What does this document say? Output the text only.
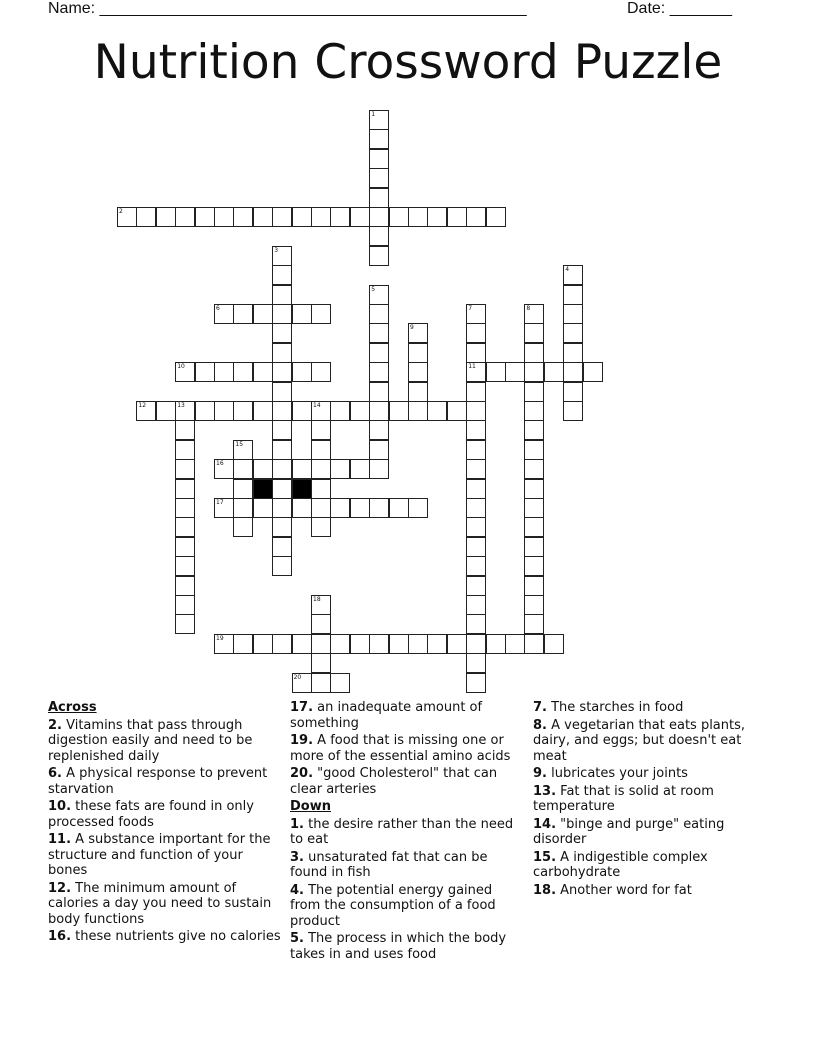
Name: ________________________________________________	Date: _______
Nutrition Crossword Puzzle
2
6
10	11
12	13	14
16
17
19
20
1
3
4
5
7	8
9
15
18
Across
2. Vitamins that pass through digestion easily and need to be replenished daily
6. A physical response to prevent starvation
10. these fats are found in only processed foods
11. A substance important for the structure and function of your bones
12. The minimum amount of calories a day you need to sustain body functions
16. these nutrients give no calories
17. an inadequate amount of something
19. A food that is missing one or more of the essential amino acids
20. "good Cholesterol" that can clear arteries
Down
1. the desire rather than the need to eat
3. unsaturated fat that can be found in fish
4. The potential energy gained from the consumption of a food product
5. The process in which the body takes in and uses food
7. The starches in food
8. A vegetarian that eats plants, dairy, and eggs; but doesn't eat meat
9. lubricates your joints
13. Fat that is solid at room temperature
14. "binge and purge" eating disorder
15. A indigestible complex carbohydrate
18. Another word for fat
